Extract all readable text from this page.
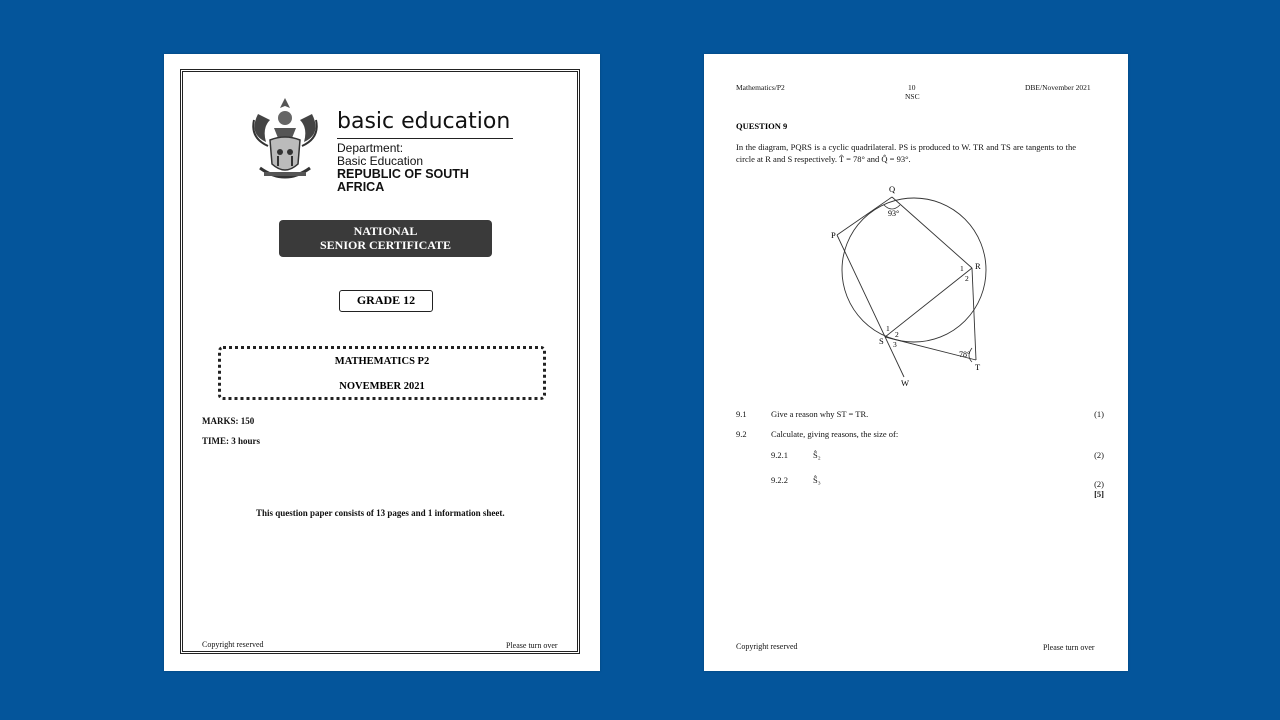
basic education
Department:
Basic Education
REPUBLIC OF SOUTH AFRICA
NATIONAL
SENIOR CERTIFICATE
GRADE 12
MATHEMATICS P2
NOVEMBER 2021
MARKS: 150
TIME: 3 hours
This question paper consists of 13 pages and 1 information sheet.
Copyright reserved	Please turn over
Mathematics/P2	10
NSC
DBE/November 2021
QUESTION 9
In the diagram, PQRS is a cyclic quadrilateral. PS is produced to W. TR and TS are tangents to the circle at R and S respectively. T̂ = 78° and Q̂ = 93°.
Q
93°
P
R
1
2
S
1
2
3
78°
T
W
9.1	Give a reason why ST = TR.	(1)
9.2	Calculate, giving reasons, the size of:
9.2.1	Ŝ₂	(2)
9.2.2	Ŝ₃	(2)
[5]
Copyright reserved	Please turn over
